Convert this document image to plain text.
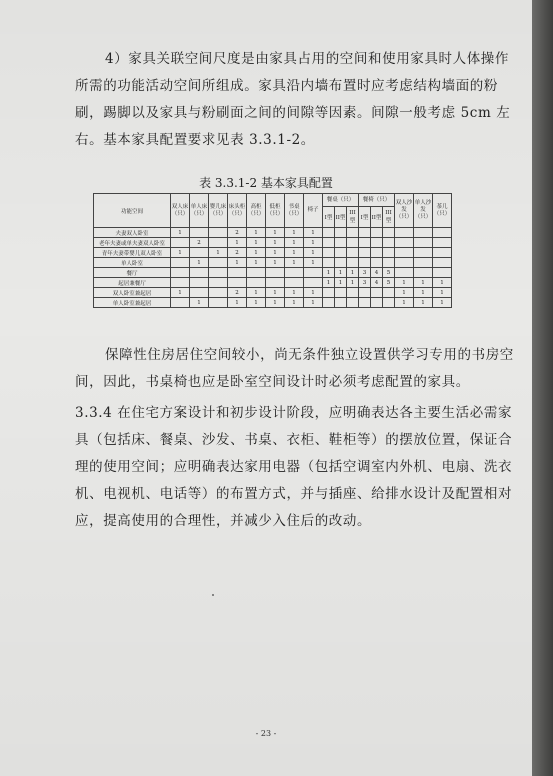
4）家具关联空间尺度是由家具占用的空间和使用家具时人体操作所需的功能活动空间所组成。家具沿内墙布置时应考虑结构墙面的粉刷，踢脚以及家具与粉刷面之间的间隙等因素。间隙一般考虑 5cm 左右。基本家具配置要求见表 3.3.1-2。
表 3.3.1-2 基本家具配置
功能空间	双人床（只）	单人床（只）	婴儿床（只）	床头柜（只）	高柜（只）	低柜（只）	书桌（只）	椅子	餐桌（只）			餐椅（只）			双人沙发（只）	单人沙发（只）	茶几（只）

									I型	II型	III型	I型	II型	III型			
夫妻双人卧室	1			2	1	1	1	1									
老年夫妻或单夫妻双人卧室		2		1	1	1	1	1									
青年夫妻带婴儿双人卧室	1		1	2	1	1	1	1									
单人卧室		1		1	1	1	1	1									
餐厅									1	1	1	3	4	5			
起居兼餐厅									1	1	1	3	4	5	1	1	1
双人卧室兼起居	1			2	1	1	1	1							1	1	1
单人卧室兼起居		1		1	1	1	1	1							1	1	1
保障性住房居住空间较小，尚无条件独立设置供学习专用的书房空间，因此，书桌椅也应是卧室空间设计时必须考虑配置的家具。
3.3.4 在住宅方案设计和初步设计阶段，应明确表达各主要生活必需家具（包括床、餐桌、沙发、书桌、衣柜、鞋柜等）的摆放位置，保证合理的使用空间；应明确表达家用电器（包括空调室内外机、电扇、洗衣机、电视机、电话等）的布置方式，并与插座、给排水设计及配置相对应，提高使用的合理性，并减少入住后的改动。
- 23 -
